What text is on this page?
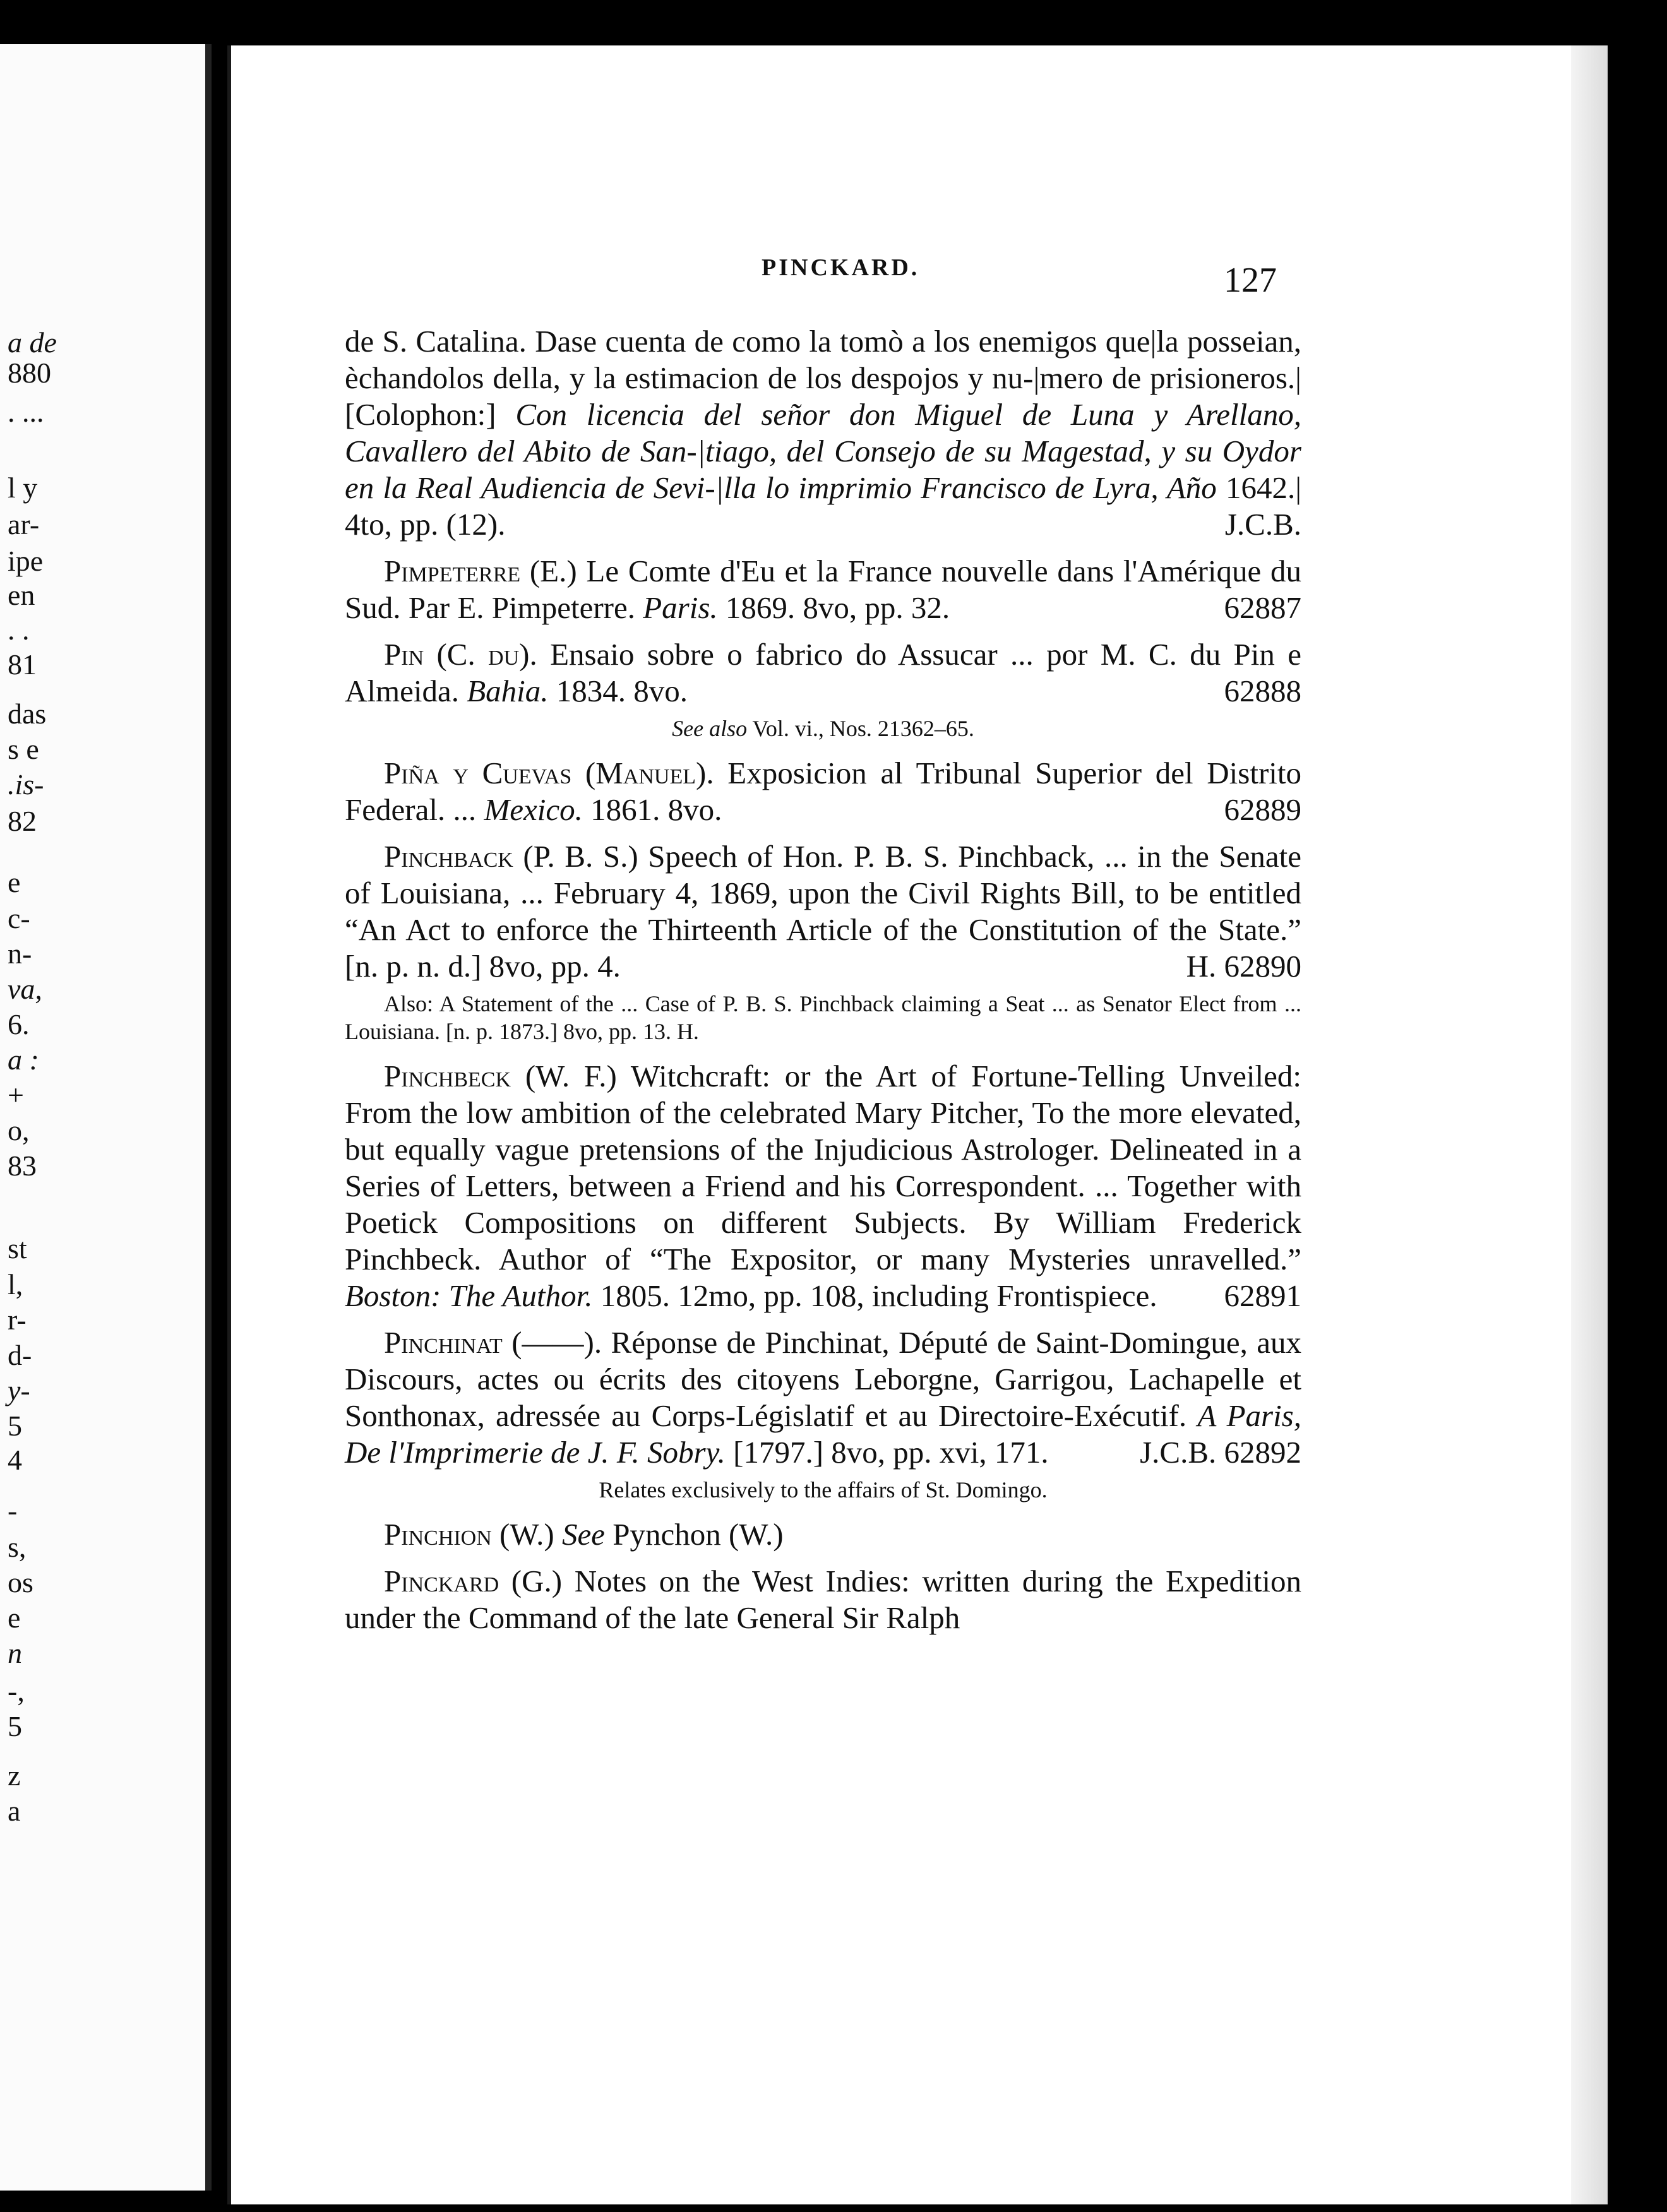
a de
880
. ...
l y
ar-
ipe
en
. .
81
das
s e
.is-
82
e
c-
n-
va,
6.
a :
+
o,
83
st
l,
r-
d-
y-
5
4
-
s,
os
e
n
-,
5
z
a
PINCKARD.	127

de S. Catalina. Dase cuenta de como la tomò a los enemigos que|la posseian, èchandolos della, y la estimacion de los despojos y nu-|mero de prisioneros.| [Colophon:] Con licencia del señor don Miguel de Luna y Arellano, Cavallero del Abito de San-|tiago, del Consejo de su Magestad, y su Oydor en la Real Audiencia de Sevi-|lla lo imprimio Francisco de Lyra, Año 1642.| 4to, pp. (12).	J.C.B.

Pimpeterre (E.) Le Comte d'Eu et la France nouvelle dans l'Amérique du Sud. Par E. Pimpeterre. Paris. 1869. 8vo, pp. 32.	62887

Pin (C. du). Ensaio sobre o fabrico do Assucar ... por M. C. du Pin e Almeida. Bahia. 1834. 8vo.	62888

See also Vol. vi., Nos. 21362–65.

Piña y Cuevas (Manuel). Exposicion al Tribunal Superior del Distrito Federal. ... Mexico. 1861. 8vo.	62889

Pinchback (P. B. S.) Speech of Hon. P. B. S. Pinchback, ... in the Senate of Louisiana, ... February 4, 1869, upon the Civil Rights Bill, to be entitled “An Act to enforce the Thirteenth Article of the Constitution of the State.” [n. p. n. d.] 8vo, pp. 4.	H. 62890

Also: A Statement of the ... Case of P. B. S. Pinchback claiming a Seat ... as Senator Elect from ... Louisiana. [n. p. 1873.] 8vo, pp. 13. H.

Pinchbeck (W. F.) Witchcraft: or the Art of Fortune-Telling Unveiled: From the low ambition of the celebrated Mary Pitcher, To the more elevated, but equally vague pretensions of the Injudicious Astrologer. Delineated in a Series of Letters, between a Friend and his Correspondent. ... Together with Poetick Compositions on different Subjects. By William Frederick Pinchbeck. Author of “The Expositor, or many Mysteries unravelled.” Boston: The Author. 1805. 12mo, pp. 108, including Frontispiece.	62891

Pinchinat (——). Réponse de Pinchinat, Député de Saint-Domingue, aux Discours, actes ou écrits des citoyens Leborgne, Garrigou, Lachapelle et Sonthonax, adressée au Corps-Législatif et au Directoire-Exécutif. A Paris, De l'Imprimerie de J. F. Sobry. [1797.] 8vo, pp. xvi, 171.	J.C.B. 62892

Relates exclusively to the affairs of St. Domingo.

Pinchion (W.) See Pynchon (W.)

Pinckard (G.) Notes on the West Indies: written during the Expedition under the Command of the late General Sir Ralph
